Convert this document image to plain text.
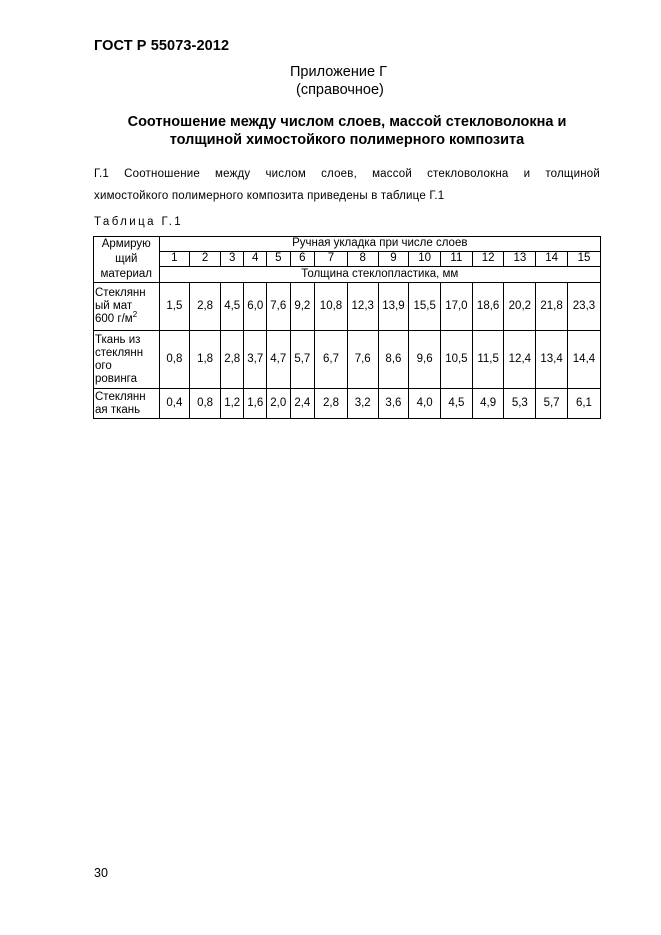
ГОСТ Р 55073-2012
Приложение Г
(справочное)
Соотношение между числом слоев, массой стекловолокна и
толщиной химостойкого полимерного композита
Г.1 Соотношение между числом слоев, массой стекловолокна и толщиной
химостойкого полимерного композита приведены в таблице Г.1
Таблица Г.1
Армирую
щий
материал	Ручная укладка при числе слоев														
	1	2	3	4	5	6	7	8	9	10	11	12	13	14	15
	Толщина стеклопластика, мм														

Стеклянн
ый мат
600 $г/м^2$	1,5	2,8	4,5	6,0	7,6	9,2	10,8	12,3	13,9	15,5	17,0	18,6	20,2	21,8	23,3

Ткань из
стеклянн
ого
ровинга	0,8	1,8	2,8	3,7	4,7	5,7	6,7	7,6	8,6	9,6	10,5	11,5	12,4	13,4	14,4

Стеклянн
ая ткань	0,4	0,8	1,2	1,6	2,0	2,4	2,8	3,2	3,6	4,0	4,5	4,9	5,3	5,7	6,1
30
